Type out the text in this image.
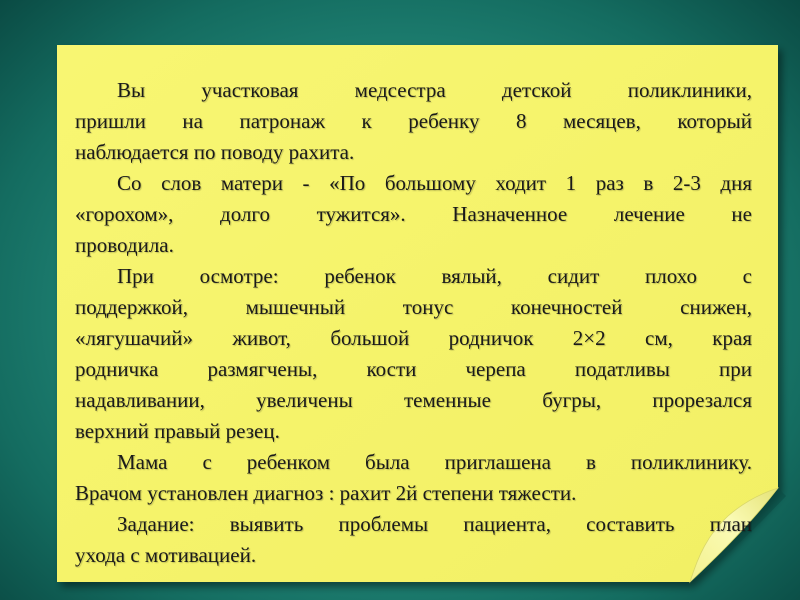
Вы участковая медсестра детской поликлиники,
пришли на патронаж к ребенку 8 месяцев, который
наблюдается по поводу рахита.
Со слов матери - «По большому ходит 1 раз в 2-3 дня
«горохом», долго тужится». Назначенное лечение не
проводила.
При осмотре: ребенок вялый, сидит плохо с
поддержкой, мышечный тонус конечностей снижен,
«лягушачий» живот, большой родничок 2×2 см, края
родничка размягчены, кости черепа податливы при
надавливании, увеличены теменные бугры, прорезался
верхний правый резец.
Мама с ребенком была приглашена в поликлинику.
Врачом установлен диагноз : рахит 2й степени тяжести.
Задание: выявить проблемы пациента, составить план
ухода с мотивацией.
